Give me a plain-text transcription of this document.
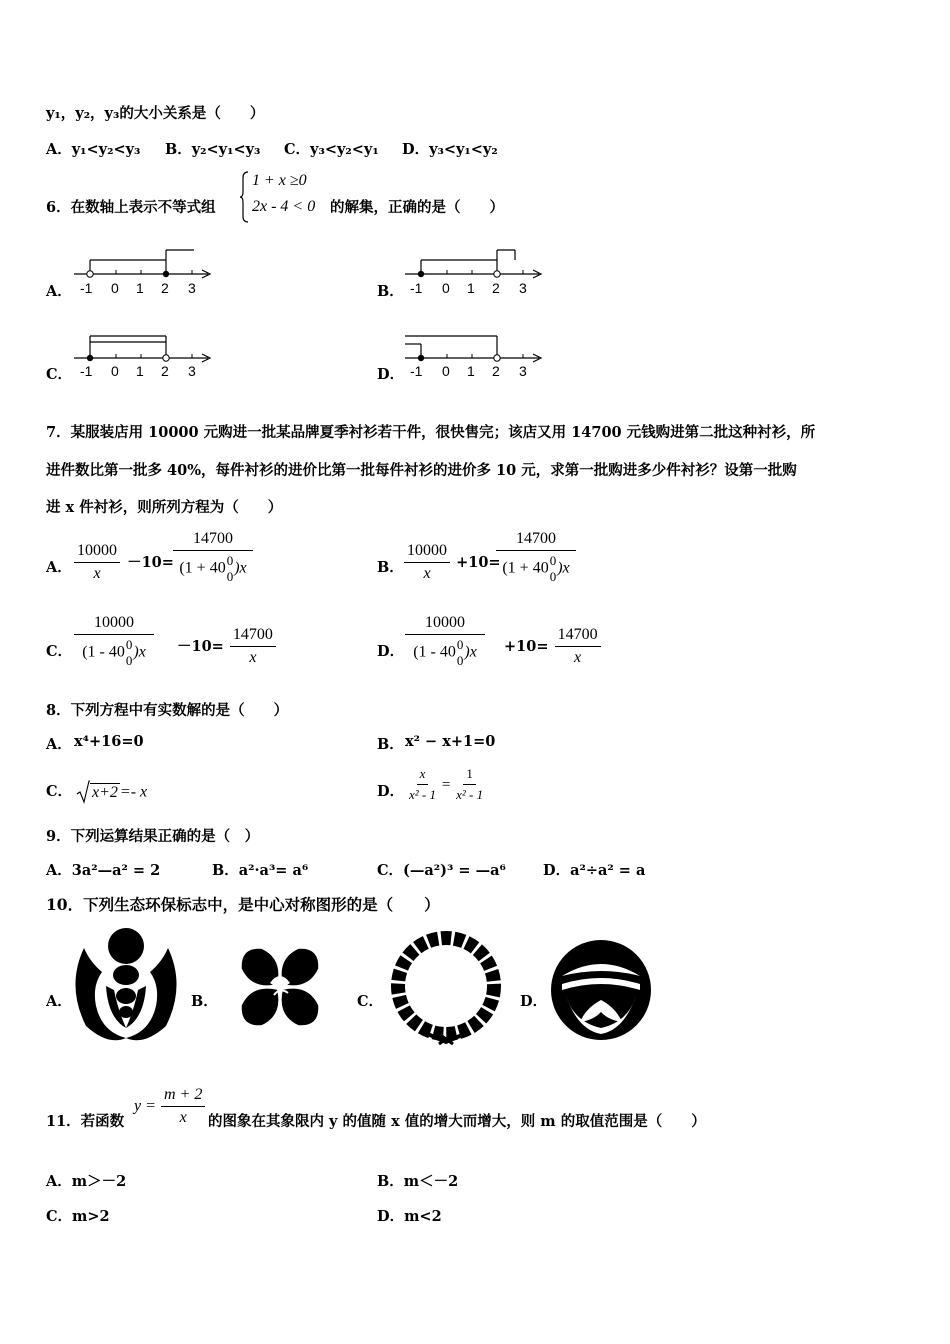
y₁，y₂，y₃的大小关系是（　　）
A．y₁<y₂<y₃ B．y₂<y₁<y₃ C．y₃<y₂<y₁ D．y₃<y₁<y₂
6．在数轴上表示不等式组
1 + x ≥0
2x - 4 < 0 的解集，正确的是（　　）
A． -1 0 1 2 3	B． -1 0 1 2 3
C． -1 0 1 2 3	D． -1 0 1 2 3
7．某服装店用 10000 元购进一批某品牌夏季衬衫若干件，很快售完；该店又用 14700 元钱购进第二批这种衬衫，所
进件数比第一批多 40%，每件衬衫的进价比第一批每件衬衫的进价多 10 元，求第一批购进多少件衬衫？设第一批购
进 x 件衬衫，则所列方程为（　　）
A． $\frac{10000}{x} -10= 14700$
(1 + 40 0
0 )x	B． $\frac{10000}{x} +10=$
14700
(1 + 40 0
0 )x
C． 10000
(1 - 40 0
0 )$x -10= \frac{14700}{x}$	D． 10000
(1 - 40 0
0 )$x +10= \frac{14700}{x}$
8．下列方程中有实数解的是（　　）
A． x⁴+16=0	B． x² − x+1=0
C．	x+2 =- x	D． $\frac{x}{\text{x² - 1}} = \frac{1}{\text{x² - 1}}$
9．下列运算结果正确的是（　）
A．3a²—a² = 2	B．a²·a³= a⁶	C．(—a²)³ = —a⁶	D．a²÷a² = a
10．下列生态环保标志中，是中心对称图形的是（　　）
A．	B．	C．	D．
11．若函数
$y = \frac{m + 2}{x}$ 的图象在其象限内 y 的值随 x 值的增大而增大，则 m 的取值范围是（　　）
A．m＞－2	B．m＜－2
C．m>2	D．m<2
